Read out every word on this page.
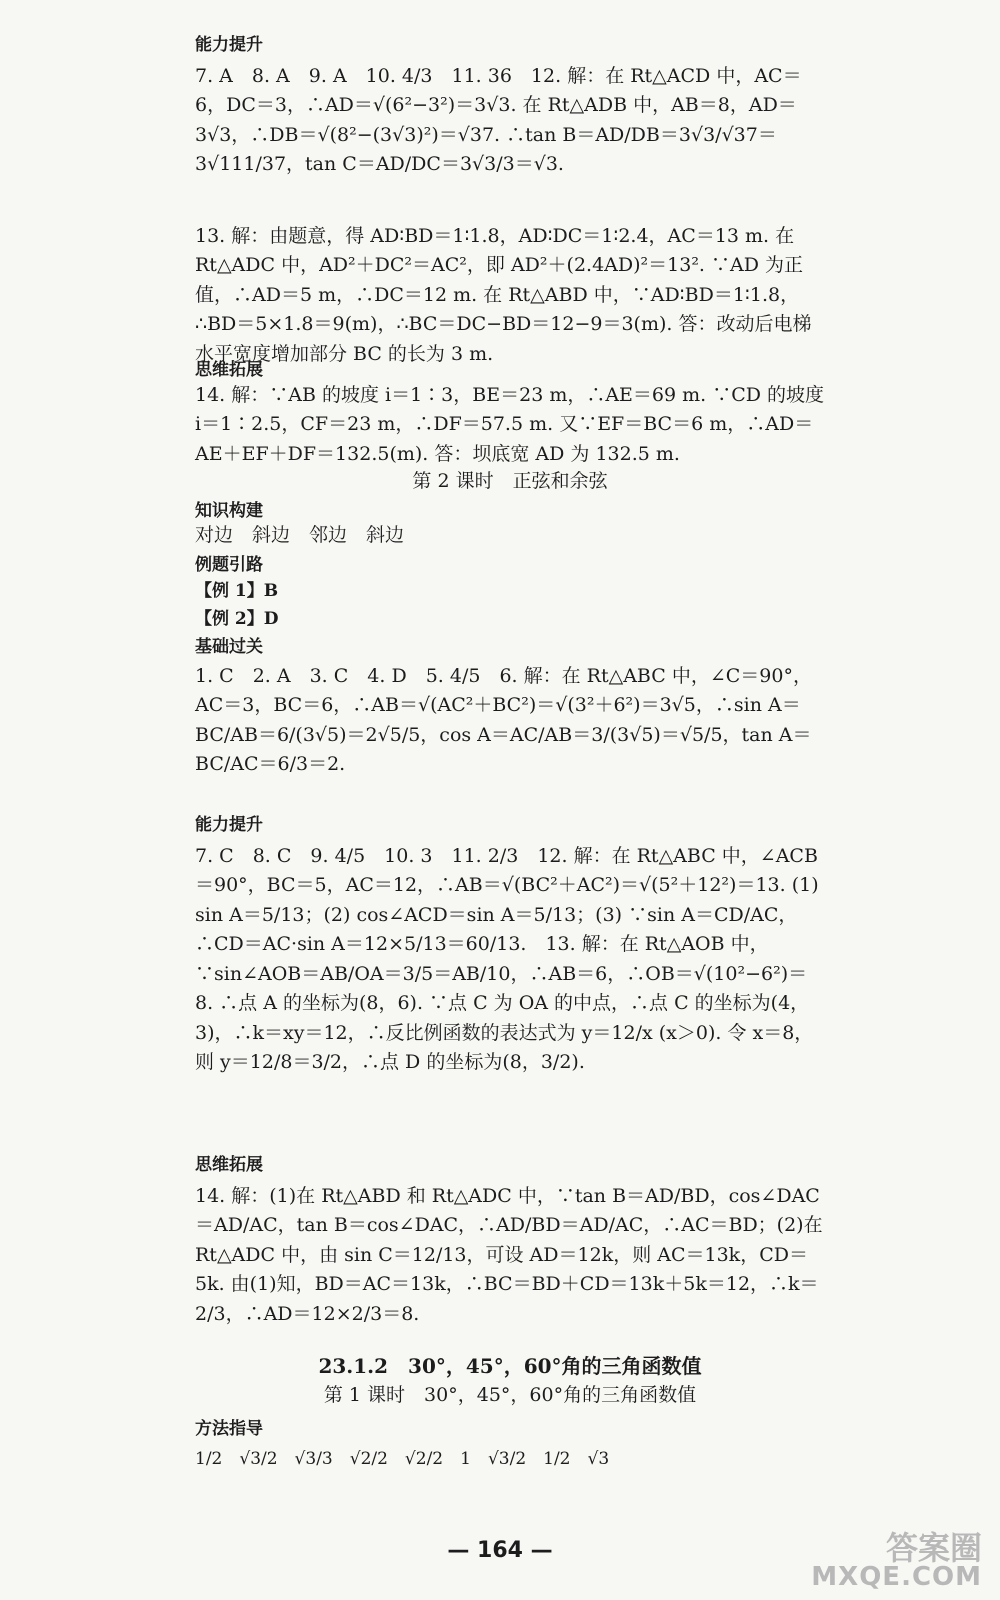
能力提升
7. A　8. A　9. A　10. 4/3　11. 36　12. 解：在 Rt△ACD 中，AC＝6，DC＝3，∴AD＝√(6²−3²)＝3√3. 在 Rt△ADB 中，AB＝8，AD＝3√3，∴DB＝√(8²−(3√3)²)＝√37. ∴tan B＝AD/DB＝3√3/√37＝3√111/37，tan C＝AD/DC＝3√3/3＝√3.
13. 解：由题意，得 AD∶BD＝1∶1.8，AD∶DC＝1∶2.4，AC＝13 m. 在Rt△ADC 中，AD²＋DC²＝AC²，即 AD²＋(2.4AD)²＝13². ∵AD 为正值，∴AD＝5 m，∴DC＝12 m. 在 Rt△ABD 中，∵AD∶BD＝1∶1.8，∴BD＝5×1.8＝9(m)，∴BC＝DC−BD＝12−9＝3(m). 答：改动后电梯水平宽度增加部分 BC 的长为 3 m.
思维拓展
14. 解：∵AB 的坡度 i＝1∶3，BE＝23 m，∴AE＝69 m. ∵CD 的坡度 i＝1∶2.5，CF＝23 m，∴DF＝57.5 m. 又∵EF＝BC＝6 m，∴AD＝AE＋EF＋DF＝132.5(m). 答：坝底宽 AD 为 132.5 m.
第 2 课时　正弦和余弦
知识构建
对边　斜边　邻边　斜边
例题引路
【例 1】B
【例 2】D
基础过关
1. C　2. A　3. C　4. D　5. 4/5　6. 解：在 Rt△ABC 中，∠C＝90°，AC＝3，BC＝6，∴AB＝√(AC²＋BC²)＝√(3²＋6²)＝3√5，∴sin A＝BC/AB＝6/(3√5)＝2√5/5，cos A＝AC/AB＝3/(3√5)＝√5/5，tan A＝BC/AC＝6/3＝2.
能力提升
7. C　8. C　9. 4/5　10. 3　11. 2/3　12. 解：在 Rt△ABC 中，∠ACB＝90°，BC＝5，AC＝12，∴AB＝√(BC²＋AC²)＝√(5²＋12²)＝13. (1) sin A＝5/13；(2) cos∠ACD＝sin A＝5/13；(3) ∵sin A＝CD/AC，∴CD＝AC·sin A＝12×5/13＝60/13.　13. 解：在 Rt△AOB 中，∵sin∠AOB＝AB/OA＝3/5＝AB/10，∴AB＝6，∴OB＝√(10²−6²)＝8. ∴点 A 的坐标为(8，6). ∵点 C 为 OA 的中点，∴点 C 的坐标为(4，3)，∴k＝xy＝12，∴反比例函数的表达式为 y＝12/x (x＞0). 令 x＝8，则 y＝12/8＝3/2，∴点 D 的坐标为(8，3/2).
思维拓展
14. 解：(1)在 Rt△ABD 和 Rt△ADC 中，∵tan B＝AD/BD，cos∠DAC＝AD/AC，tan B＝cos∠DAC，∴AD/BD＝AD/AC，∴AC＝BD；(2)在 Rt△ADC 中，由 sin C＝12/13，可设 AD＝12k，则 AC＝13k，CD＝5k. 由(1)知，BD＝AC＝13k，∴BC＝BD＋CD＝13k＋5k＝12，∴k＝2/3，∴AD＝12×2/3＝8.
23.1.2　30°，45°，60°角的三角函数值
第 1 课时　30°，45°，60°角的三角函数值
方法指导
1/2　√3/2　√3/3　√2/2　√2/2　1　√3/2　1/2　√3
— 164 —	答案圈
MXQE.COM
